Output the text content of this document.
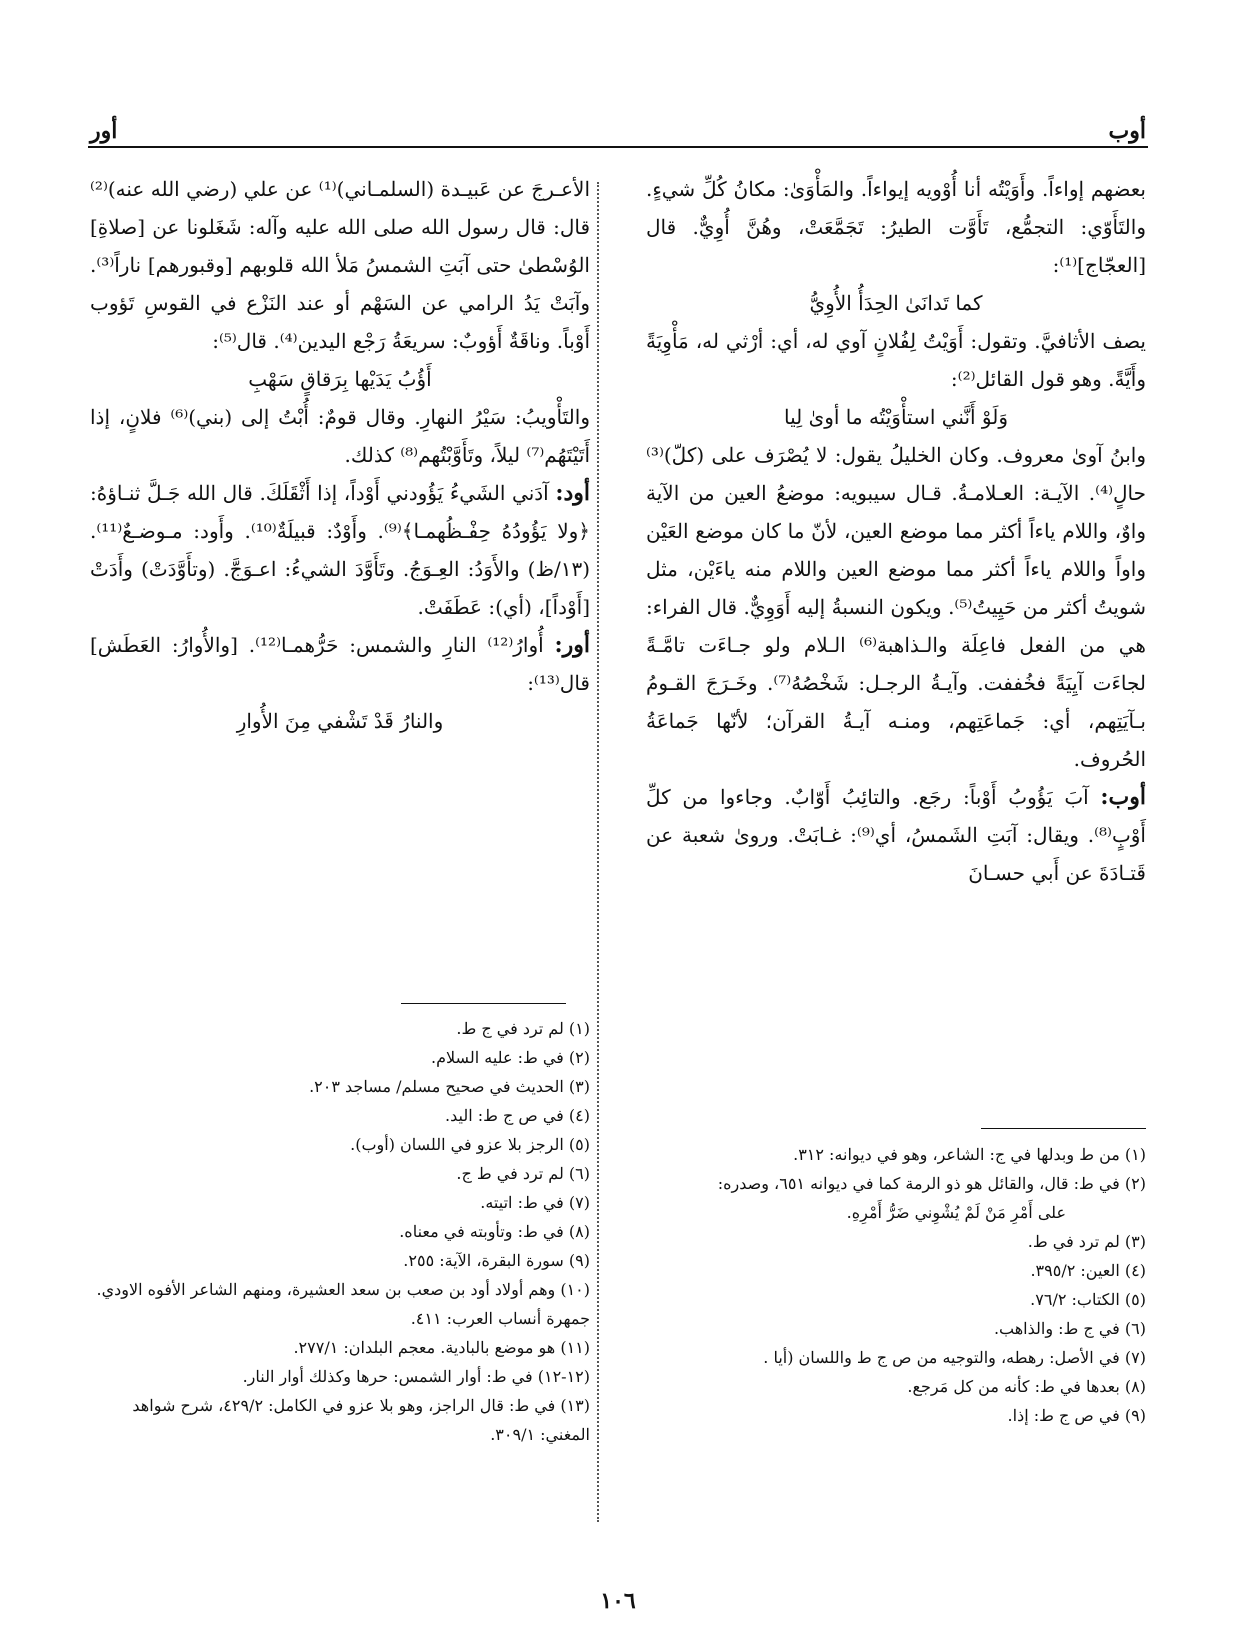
أوب
أور

بعضهم إواءاً. وأَوَيْتُه أنا أُوْويه إيواءاً. والمَأْوَىٰ: مكانُ كُلِّ شيءٍ. والتَأَوّي: التجمُّع، تَأَوَّت الطيرُ: تَجَمَّعَتْ، وهُنَّ أُوِيٌّ. قال [العجّاج]⁽¹⁾:

كما تَدانَىٰ الحِدَأُ الأُوِيُّ

يصف الأثافيَّ. وتقول: أَوَيْتُ لِفُلانٍ آوي له، أي: أرْثي له، مَأْوِيَةً وأَيَّةً. وهو قول القائل⁽²⁾:

وَلَوْ أَنَّني استأْوَيْتُه ما أوىٰ لِيا

وابنُ آوىٰ معروف. وكان الخليلُ يقول: لا يُصْرَف على (كلّ)⁽³⁾ حالٍ⁽⁴⁾. الآيـة: العـلامـةُ. قـال سيبويه: موضعُ العين من الآية واوٌ، واللام ياءاً أكثر مما موضع العين، لأنّ ما كان موضع العَيْن واواً واللام ياءاً أكثر مما موضع العين واللام منه ياءَيْن، مثل شويتُ أكثر من حَيِيتُ⁽⁵⁾. ويكون النسبةُ إليه أَوَوِيٌّ. قال الفراء: هي من الفعل فاعِلَة والـذاهبة⁽⁶⁾ الـلام ولو جـاءَت تامَّـةً لجاءَت آيِيَةً فخُففت. وآيـةُ الرجـل: شَخْصُهُ⁽⁷⁾. وخَـرَجَ القـومُ بـآيَتِهم، أي: جَماعَتِهم، ومنـه آيـةُ القرآن؛ لأنّها جَماعَةُ الحُروف.

أوب: آبَ يَؤُوبُ أَوْباً: رجَع. والتائِبُ أَوّابٌ. وجاءوا من كلِّ أَوْبٍ⁽⁸⁾. ويقال: آبَتِ الشَمسُ، أي⁽⁹⁾: غـابَتْ. وروىٰ شعبة عن قَتـادَةَ عن أَبي حسـانَ

الأعـرجَ عن عَبيـدة (السلمـاني)⁽¹⁾ عن علي (رضي الله عنه)⁽²⁾ قال: قال رسول الله صلى الله عليه وآله: شَغَلونا عن [صلاةِ] الوُسْطىٰ حتى آبَتِ الشمسُ مَلأ الله قلوبهم [وقبورهم] ناراً⁽³⁾. وآبَتْ يَدُ الرامي عن السَهْم أو عند النَزْع في القوسِ تَؤوب أَوْباً. وناقَةٌ أَؤوبٌ: سريعَةُ رَجْع اليدين⁽⁴⁾. قال⁽⁵⁾:

أَؤُبُ يَدَيْها بِرَقاقٍ سَهْبِ

والتَأْويبُ: سَيْرُ النهارِ. وقال قومٌ: أُبْتُ إلى (بني)⁽⁶⁾ فلانٍ، إذا أَتَيْتَهُم⁽⁷⁾ ليلاً، وتَأَوَّبْتُهم⁽⁸⁾ كذلك.

أود: آدَني الشَيءُ يَؤُودني أَوْداً، إذا أَثْقَلَكَ. قال الله جَـلَّ ثنـاؤهُ: ﴿ولا يَؤُودُهُ حِفْـظُهمـا﴾⁽⁹⁾. وأَوْدٌ: قبيلَةٌ⁽¹⁰⁾. وأَود: مـوضـعٌ⁽¹¹⁾. (١٣/ظ) والأَوَدُ: العِـوَجُ. وتَأَوَّدَ الشيءُ: اعـوَجَّ. (وتأَوَّدَتْ) وأَدَتْ [أَوْداً]، (أي): عَطَفَتْ.

أور: أُوارُ⁽¹²⁾ النارِ والشمس: حَرُّهمـا⁽¹²⁾. [والأُوارُ: العَطَش] قال⁽¹³⁾:

والنارُ قَدْ تَشْفي مِنَ الأُوارِ

(١) من ط وبدلها في ج: الشاعر، وهو في ديوانه: ٣١٢.
(٢) في ط: قال، والقائل هو ذو الرمة كما في ديوانه ٦٥١، وصدره:
على أَمْرِ مَنْ لَمْ يُشْوِني ضَرُّ أَمْرِهِ.
(٣) لم ترد في ط.
(٤) العين: ٣٩٥/٢.
(٥) الكتاب: ٧٦/٢.
(٦) في ج ط: والذاهب.
(٧) في الأصل: رهطه، والتوجيه من ص ج ط واللسان (أيا .
(٨) بعدها في ط: كأنه من كل مَرجع.
(٩) في ص ج ط: إذا.
(١) لم ترد في ج ط.
(٢) في ط: عليه السلام.
(٣) الحديث في صحيح مسلم/ مساجد ٢٠٣.
(٤) في ص ج ط: اليد.
(٥) الرجز بلا عزو في اللسان (أوب).
(٦) لم ترد في ط ج.
(٧) في ط: اتيته.
(٨) في ط: وتأوبته في معناه.
(٩) سورة البقرة، الآية: ٢٥٥.
(١٠) وهم أولاد أود بن صعب بن سعد العشيرة، ومنهم الشاعر الأفوه الاودي. جمهرة أنساب العرب: ٤١١.
(١١) هو موضع بالبادية. معجم البلدان: ٢٧٧/١.
(١٢-١٢) في ط: أوار الشمس: حرها وكذلك أوار النار.
(١٣) في ط: قال الراجز، وهو بلا عزو في الكامل: ٤٢٩/٢، شرح شواهد المغني: ٣٠٩/١.
١٠٦
